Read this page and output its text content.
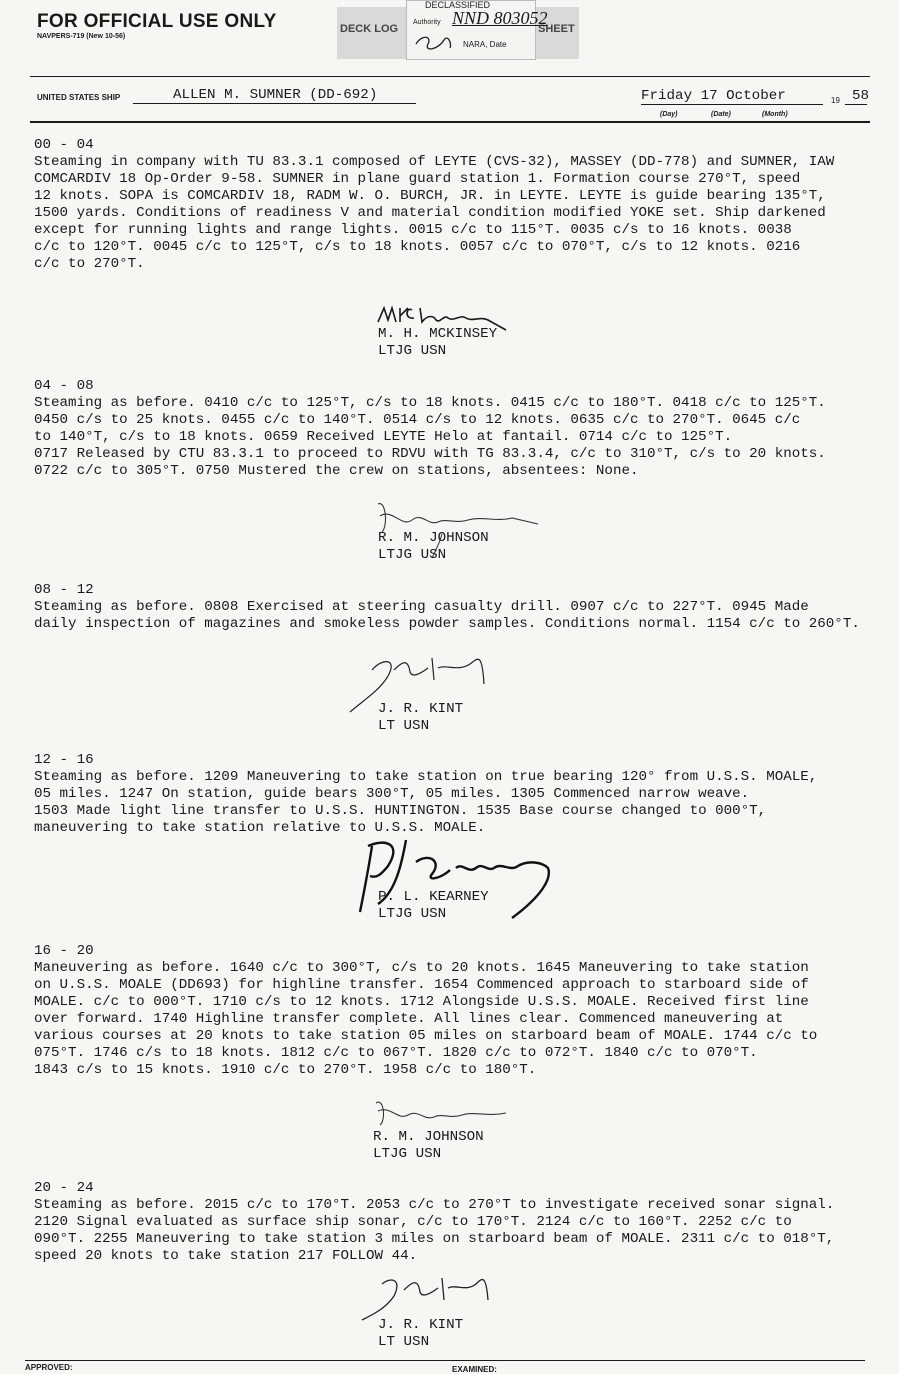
FOR OFFICIAL USE ONLY
NAVPERS-719 (New 10-56)
DECK LOG	SHEET
DECLASSIFIED
Authority NND 803052
NARA, Date
UNITED STATES SHIP	ALLEN M. SUMNER (DD-692)	Friday 17 October	19 58
(Day)	(Date)	(Month)
00 - 04
Steaming in company with TU 83.3.1 composed of LEYTE (CVS-32), MASSEY (DD-778) and SUMNER, IAW
COMCARDIV 18 Op-Order 9-58. SUMNER in plane guard station 1. Formation course 270°T, speed
12 knots. SOPA is COMCARDIV 18, RADM W. O. BURCH, JR. in LEYTE. LEYTE is guide bearing 135°T,
1500 yards. Conditions of readiness V and material condition modified YOKE set. Ship darkened
except for running lights and range lights. 0015 c/c to 115°T. 0035 c/s to 16 knots. 0038
c/c to 120°T. 0045 c/c to 125°T, c/s to 18 knots. 0057 c/c to 070°T, c/s to 12 knots. 0216
c/c to 270°T.
M. H. MCKINSEY
LTJG USN
04 - 08
Steaming as before. 0410 c/c to 125°T, c/s to 18 knots. 0415 c/c to 180°T. 0418 c/c to 125°T.
0450 c/s to 25 knots. 0455 c/c to 140°T. 0514 c/s to 12 knots. 0635 c/c to 270°T. 0645 c/c
to 140°T, c/s to 18 knots. 0659 Received LEYTE Helo at fantail. 0714 c/c to 125°T.
0717 Released by CTU 83.3.1 to proceed to RDVU with TG 83.3.4, c/c to 310°T, c/s to 20 knots.
0722 c/c to 305°T. 0750 Mustered the crew on stations, absentees: None.
R. M. JOHNSON
LTJG USN
08 - 12
Steaming as before. 0808 Exercised at steering casualty drill. 0907 c/c to 227°T. 0945 Made
daily inspection of magazines and smokeless powder samples. Conditions normal. 1154 c/c to 260°T.
J. R. KINT
LT USN
12 - 16
Steaming as before. 1209 Maneuvering to take station on true bearing 120° from U.S.S. MOALE,
05 miles. 1247 On station, guide bears 300°T, 05 miles. 1305 Commenced narrow weave.
1503 Made light line transfer to U.S.S. HUNTINGTON. 1535 Base course changed to 000°T,
maneuvering to take station relative to U.S.S. MOALE.
P. L. KEARNEY
LTJG USN
16 - 20
Maneuvering as before. 1640 c/c to 300°T, c/s to 20 knots. 1645 Maneuvering to take station
on U.S.S. MOALE (DD693) for highline transfer. 1654 Commenced approach to starboard side of
MOALE. c/c to 000°T. 1710 c/s to 12 knots. 1712 Alongside U.S.S. MOALE. Received first line
over forward. 1740 Highline transfer complete. All lines clear. Commenced maneuvering at
various courses at 20 knots to take station 05 miles on starboard beam of MOALE. 1744 c/c to
075°T. 1746 c/s to 18 knots. 1812 c/c to 067°T. 1820 c/c to 072°T. 1840 c/c to 070°T.
1843 c/s to 15 knots. 1910 c/c to 270°T. 1958 c/c to 180°T.
R. M. JOHNSON
LTJG USN
20 - 24
Steaming as before. 2015 c/c to 170°T. 2053 c/c to 270°T to investigate received sonar signal.
2120 Signal evaluated as surface ship sonar, c/c to 170°T. 2124 c/c to 160°T. 2252 c/c to
090°T. 2255 Maneuvering to take station 3 miles on starboard beam of MOALE. 2311 c/c to 018°T,
speed 20 knots to take station 217 FOLLOW 44.
J. R. KINT
LT USN
APPROVED:	EXAMINED:
